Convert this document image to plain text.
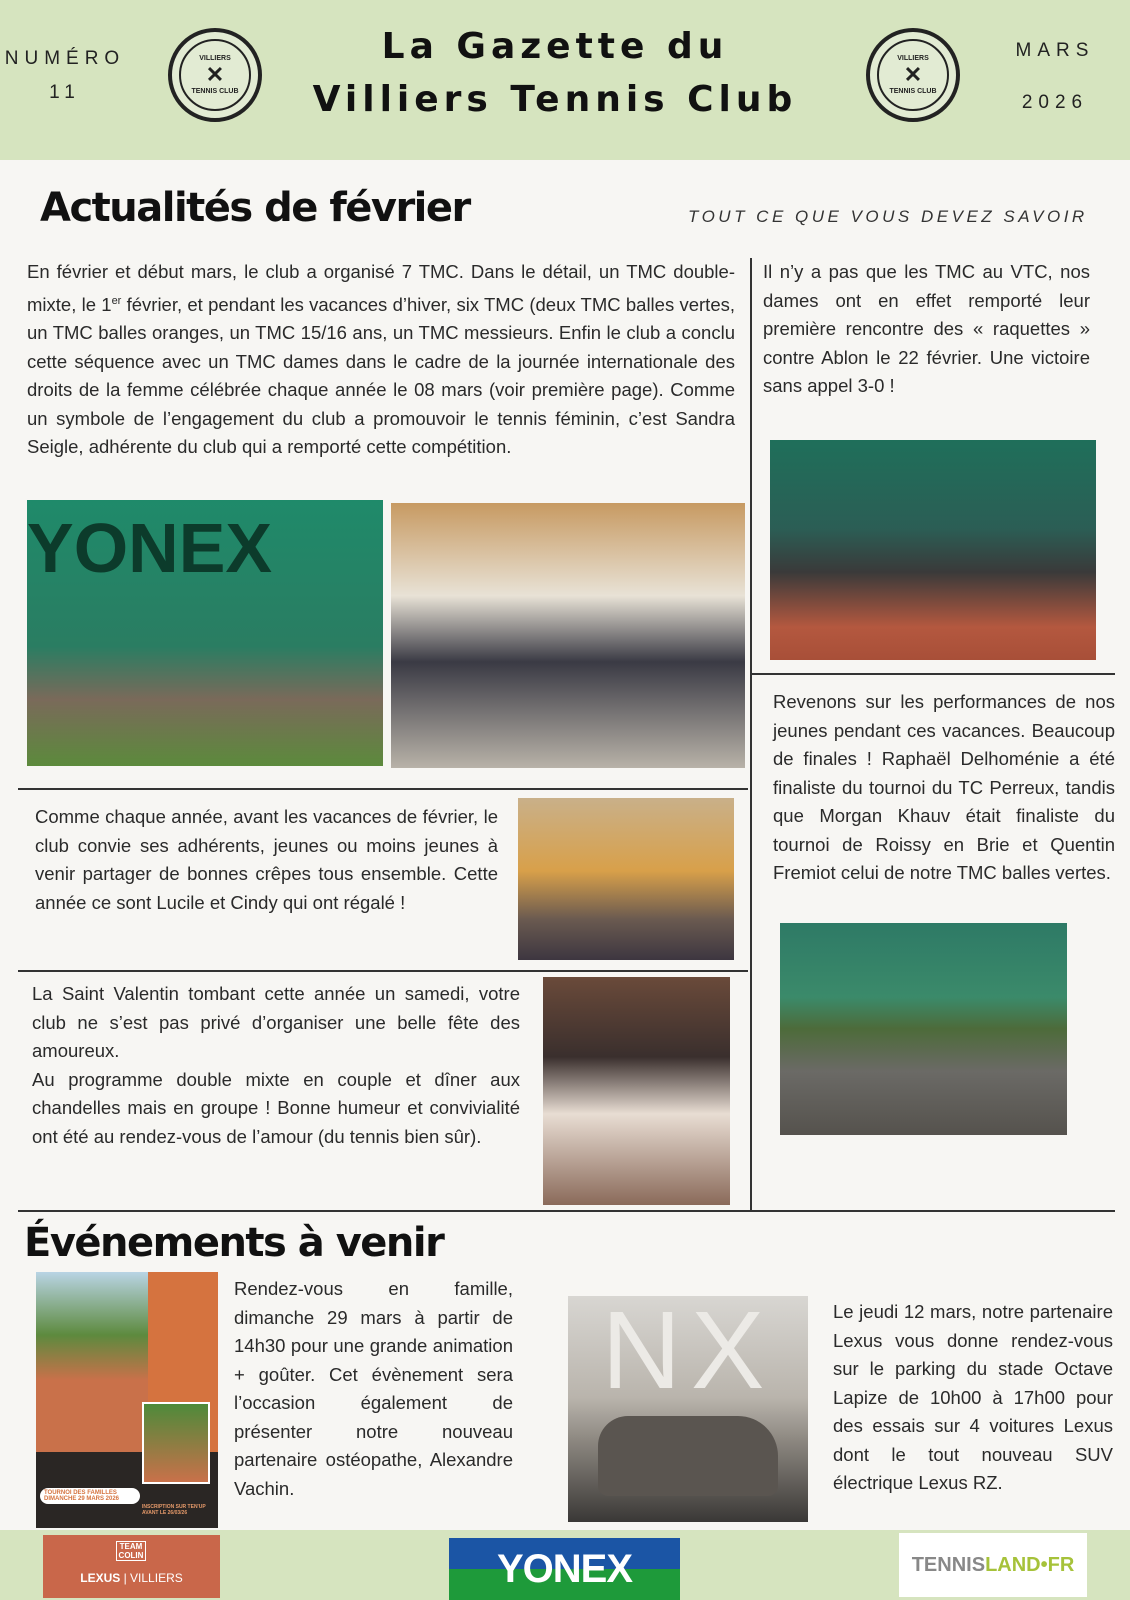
NUMÉRO
11
VILLIERS
✕
TENNIS CLUB
La Gazette du
Villiers Tennis Club
VILLIERS
✕
TENNIS CLUB
MARS
2026
Actualités de février	TOUT CE QUE VOUS DEVEZ SAVOIR
En février et début mars, le club a organisé 7 TMC. Dans le détail, un TMC double-mixte, le 1er février, et pendant les vacances d’hiver, six TMC (deux TMC balles vertes, un TMC balles oranges, un TMC 15/16 ans, un TMC messieurs. Enfin le club a conclu cette séquence avec un TMC dames dans le cadre de la journée internationale des droits de la femme célébrée chaque année le 08 mars (voir première page). Comme un symbole de l’engagement du club a promouvoir le tennis féminin, c’est Sandra Seigle, adhérente du club qui a remporté cette compétition.
Il n’y a pas que les TMC au VTC, nos dames ont en effet remporté leur première rencontre des « raquettes » contre Ablon le 22 février. Une victoire sans appel 3-0 !
YONEX
Revenons sur les performances de nos jeunes pendant ces vacances. Beaucoup de finales ! Raphaël Delhoménie a été finaliste du tournoi du TC Perreux, tandis que Morgan Khauv était finaliste du tournoi de Roissy en Brie et Quentin Fremiot celui de notre TMC balles vertes.
Comme chaque année, avant les vacances de février, le club convie ses adhérents, jeunes ou moins jeunes à venir partager de bonnes crêpes tous ensemble. Cette année ce sont Lucile et Cindy qui ont régalé !
La Saint Valentin tombant cette année un samedi, votre club ne s’est pas privé d’organiser une belle fête des amoureux.
Au programme double mixte en couple et dîner aux chandelles mais en groupe ! Bonne humeur et convivialité ont été au rendez-vous de l’amour (du tennis bien sûr).
Événements à venir
TOURNOI DES FAMILLES
DIMANCHE 29 MARS 2026
INSCRIPTION SUR TEN'UP AVANT LE 26/03/26
Rendez-vous en famille, dimanche 29 mars à partir de 14h30 pour une grande animation + goûter. Cet évènement sera l’occasion également de présenter notre nouveau partenaire ostéopathe, Alexandre Vachin.
NX	Le jeudi 12 mars, notre partenaire Lexus vous donne rendez-vous sur le parking du stade Octave Lapize de 10h00 à 17h00 pour des essais sur 4 voitures Lexus dont le tout nouveau SUV électrique Lexus RZ.
TEAM COLIN
LEXUS | VILLIERS	YONEX	TENNIS LAND •FR
